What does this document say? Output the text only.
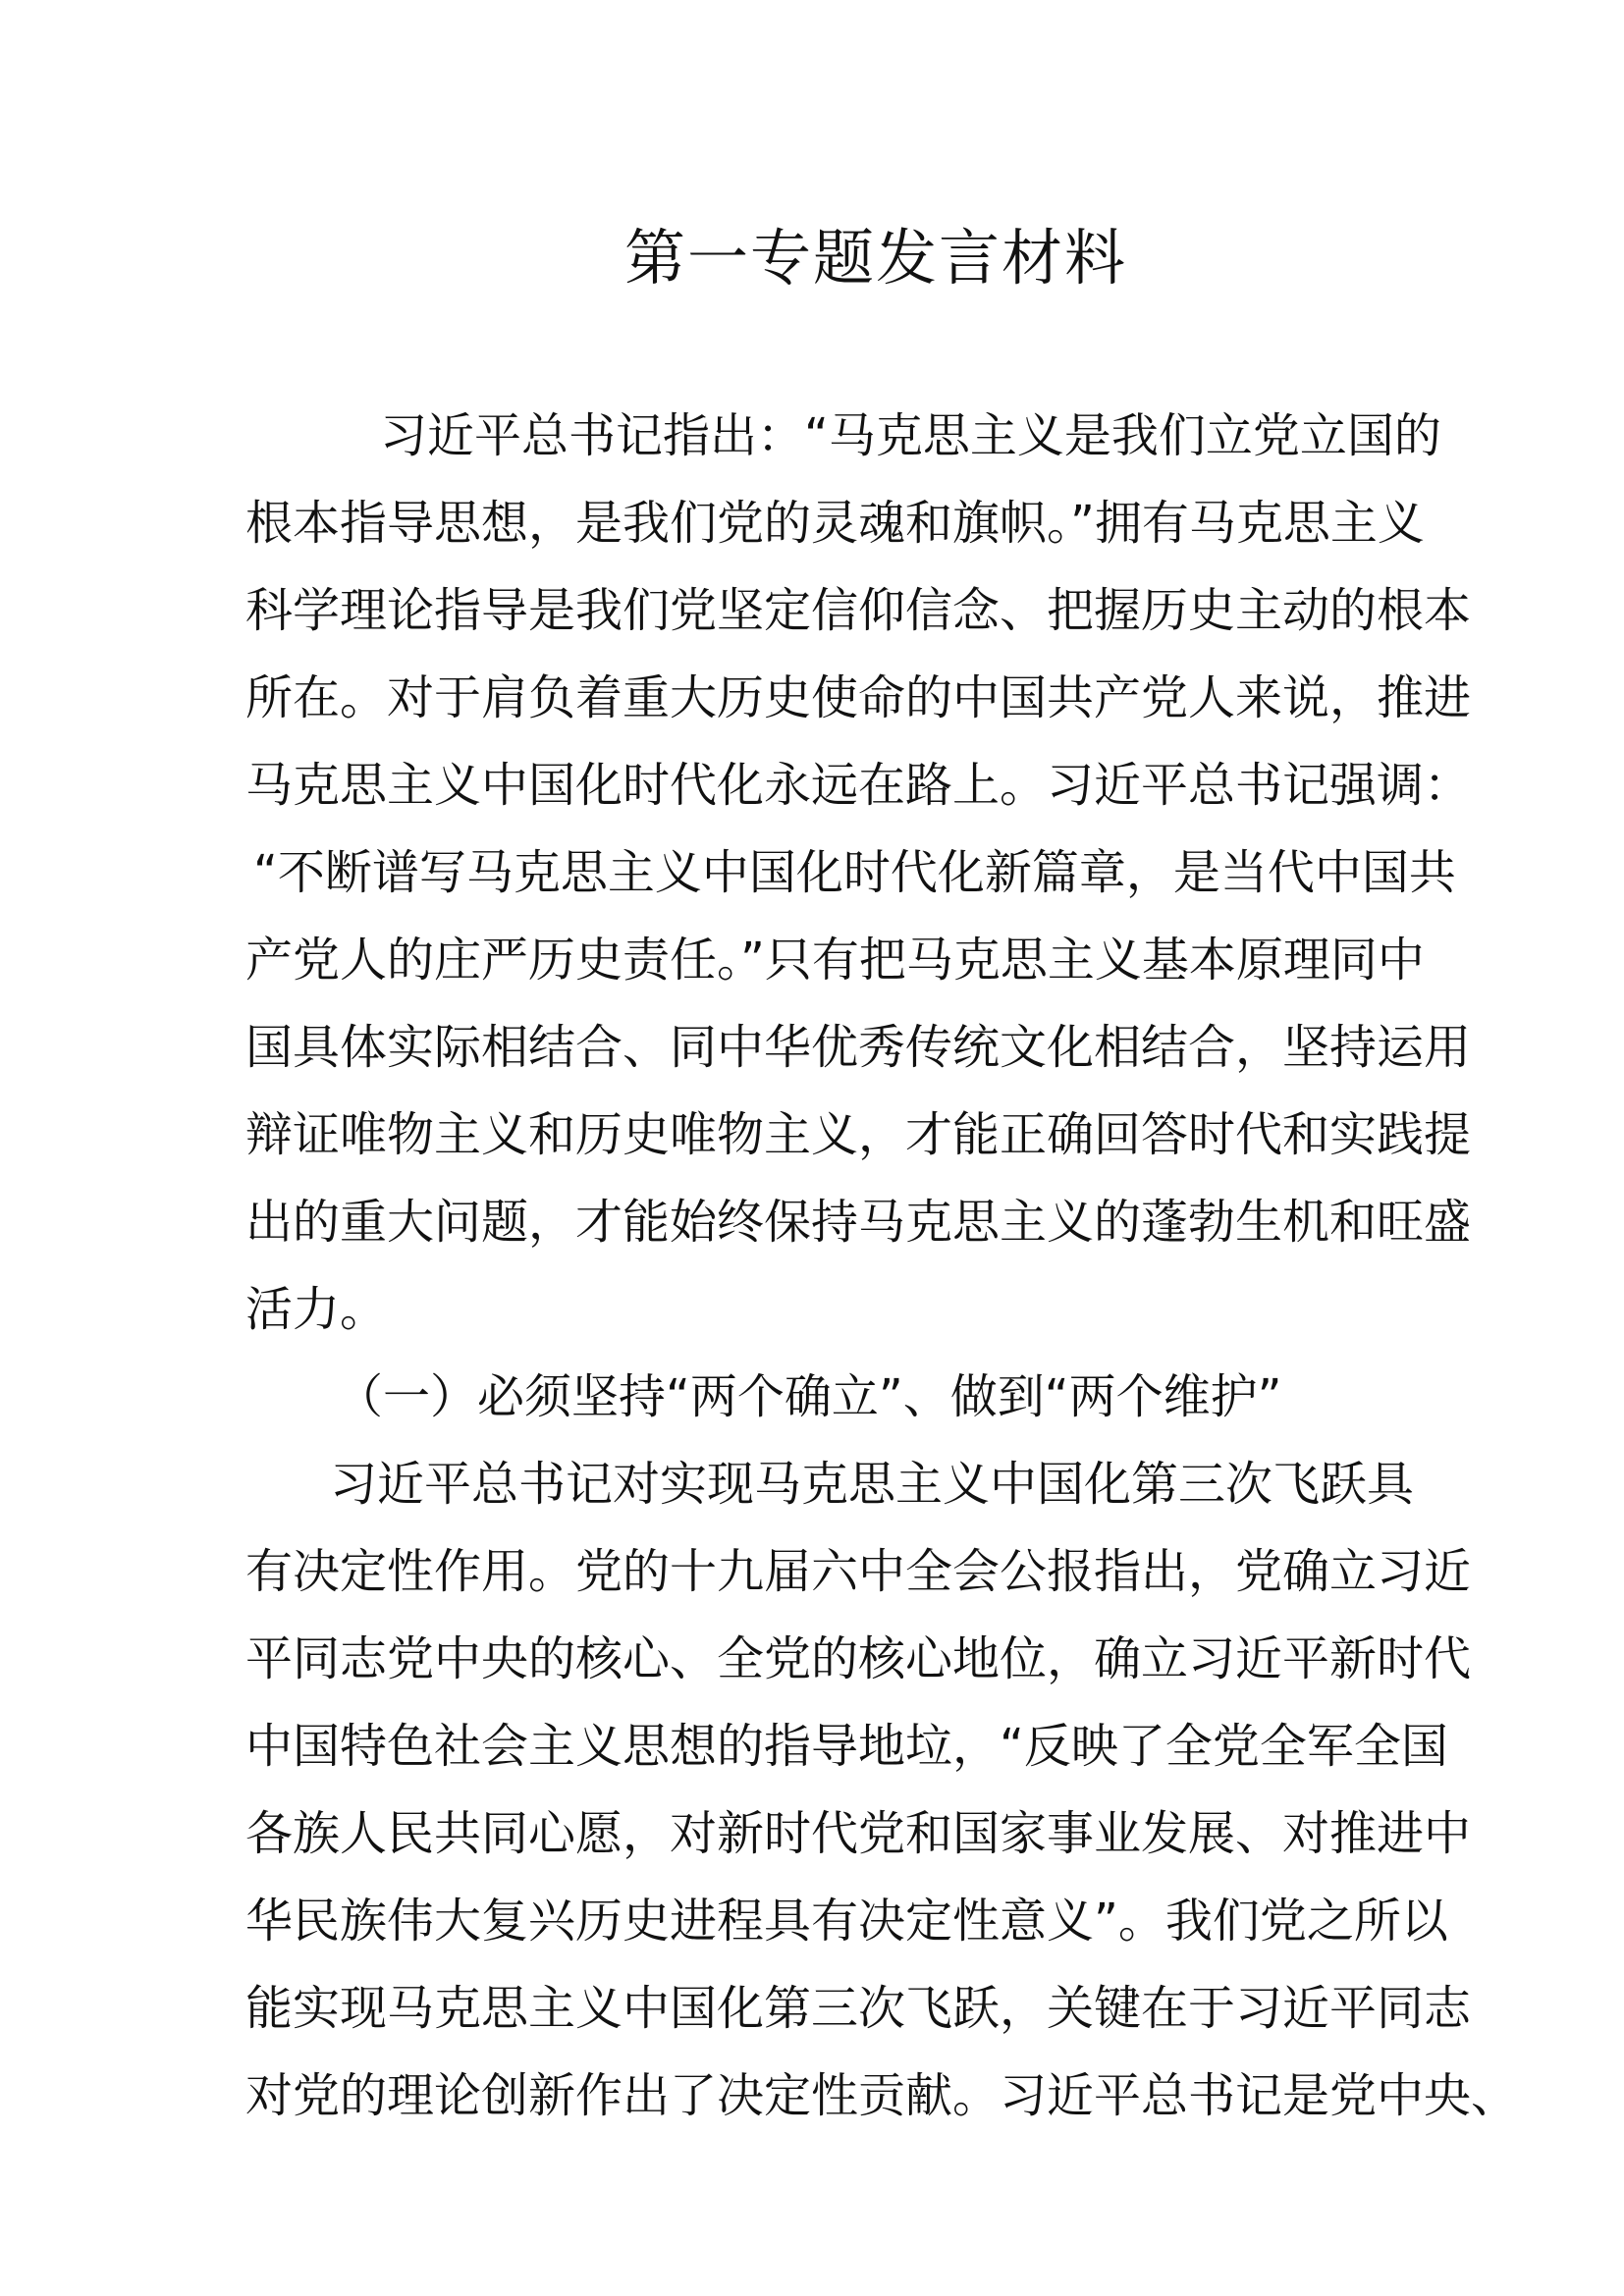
第一专题发言材料
习近平总书记指出：“马克思主义是我们立党立国的
根本指导思想，是我们党的灵魂和旗帜。”拥有马克思主义
科学理论指导是我们党坚定信仰信念、把握历史主动的根本
所在。对于肩负着重大历史使命的中国共产党人来说，推进
马克思主义中国化时代化永远在路上。习近平总书记强调：
“不断谱写马克思主义中国化时代化新篇章，是当代中国共
产党人的庄严历史责任。”只有把马克思主义基本原理同中
国具体实际相结合、同中华优秀传统文化相结合，坚持运用
辩证唯物主义和历史唯物主义，才能正确回答时代和实践提
出的重大问题，才能始终保持马克思主义的蓬勃生机和旺盛
活力。
（一）必须坚持“两个确立”、做到“两个维护”
习近平总书记对实现马克思主义中国化第三次飞跃具
有决定性作用。党的十九届六中全会公报指出，党确立习近
平同志党中央的核心、全党的核心地位，确立习近平新时代
中国特色社会主义思想的指导地垃，“反映了全党全军全国
各族人民共同心愿，对新时代党和国家事业发展、对推进中
华民族伟大复兴历史进程具有决定性意义”。我们党之所以
能实现马克思主义中国化第三次飞跃，关键在于习近平同志
对党的理论创新作出了决定性贡献。习近平总书记是党中央、
